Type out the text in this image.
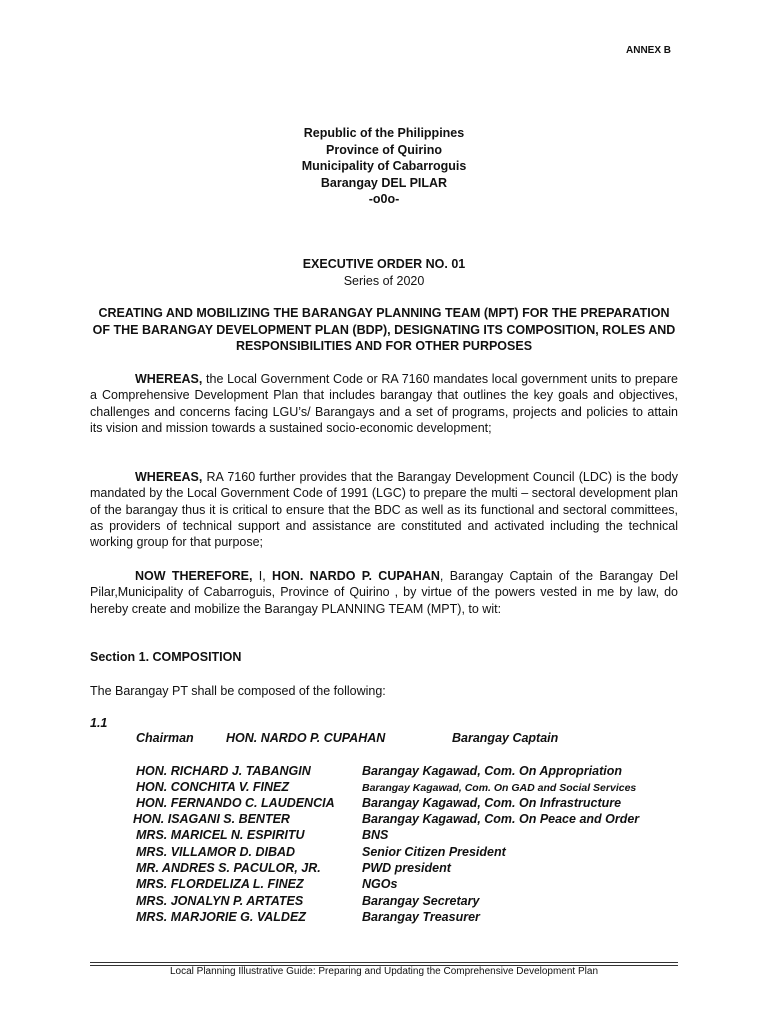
ANNEX B
Republic of the Philippines
Province of Quirino
Municipality of Cabarroguis
Barangay DEL PILAR
-o0o-
EXECUTIVE ORDER NO. 01
Series of 2020
CREATING AND MOBILIZING THE BARANGAY PLANNING TEAM (MPT) FOR THE PREPARATION OF THE BARANGAY DEVELOPMENT PLAN (BDP), DESIGNATING ITS COMPOSITION, ROLES AND RESPONSIBILITIES AND FOR OTHER PURPOSES

WHEREAS, the Local Government Code or RA 7160 mandates local government units to prepare a Comprehensive Development Plan that includes barangay that outlines the key goals and objectives, challenges and concerns facing LGU’s/ Barangays and a set of programs, projects and policies to attain its vision and mission towards a sustained socio-economic development;

WHEREAS, RA 7160 further provides that the Barangay Development Council (LDC) is the body mandated by the Local Government Code of 1991 (LGC) to prepare the multi – sectoral development plan of the barangay thus it is critical to ensure that the BDC as well as its functional and sectoral committees, as providers of technical support and assistance are constituted and activated including the technical working group for that purpose;

NOW THEREFORE, I, HON. NARDO P. CUPAHAN, Barangay Captain of the Barangay Del Pilar,Municipality of Cabarroguis, Province of Quirino , by virtue of the powers vested in me by law, do hereby create and mobilize the Barangay PLANNING TEAM (MPT), to wit:

Section 1. COMPOSITION
The Barangay PT shall be composed of the following:
1.1
Chairman	HON. NARDO P. CUPAHAN	Barangay Captain
HON. RICHARD J. TABANGIN	Barangay Kagawad, Com. On Appropriation
HON. CONCHITA V. FINEZ	Barangay Kagawad, Com. On GAD and Social Services
HON. FERNANDO C. LAUDENCIA Barangay Kagawad, Com. On Infrastructure
HON. ISAGANI S. BENTER	Barangay Kagawad, Com. On Peace and Order
MRS. MARICEL N. ESPIRITU	BNS
MRS. VILLAMOR D. DIBAD	Senior Citizen President
MR. ANDRES S. PACULOR, JR.	PWD president
MRS. FLORDELIZA L. FINEZ	NGOs
MRS. JONALYN P. ARTATES	Barangay Secretary
MRS. MARJORIE G. VALDEZ	Barangay Treasurer
Local Planning Illustrative Guide: Preparing and Updating the Comprehensive Development Plan
